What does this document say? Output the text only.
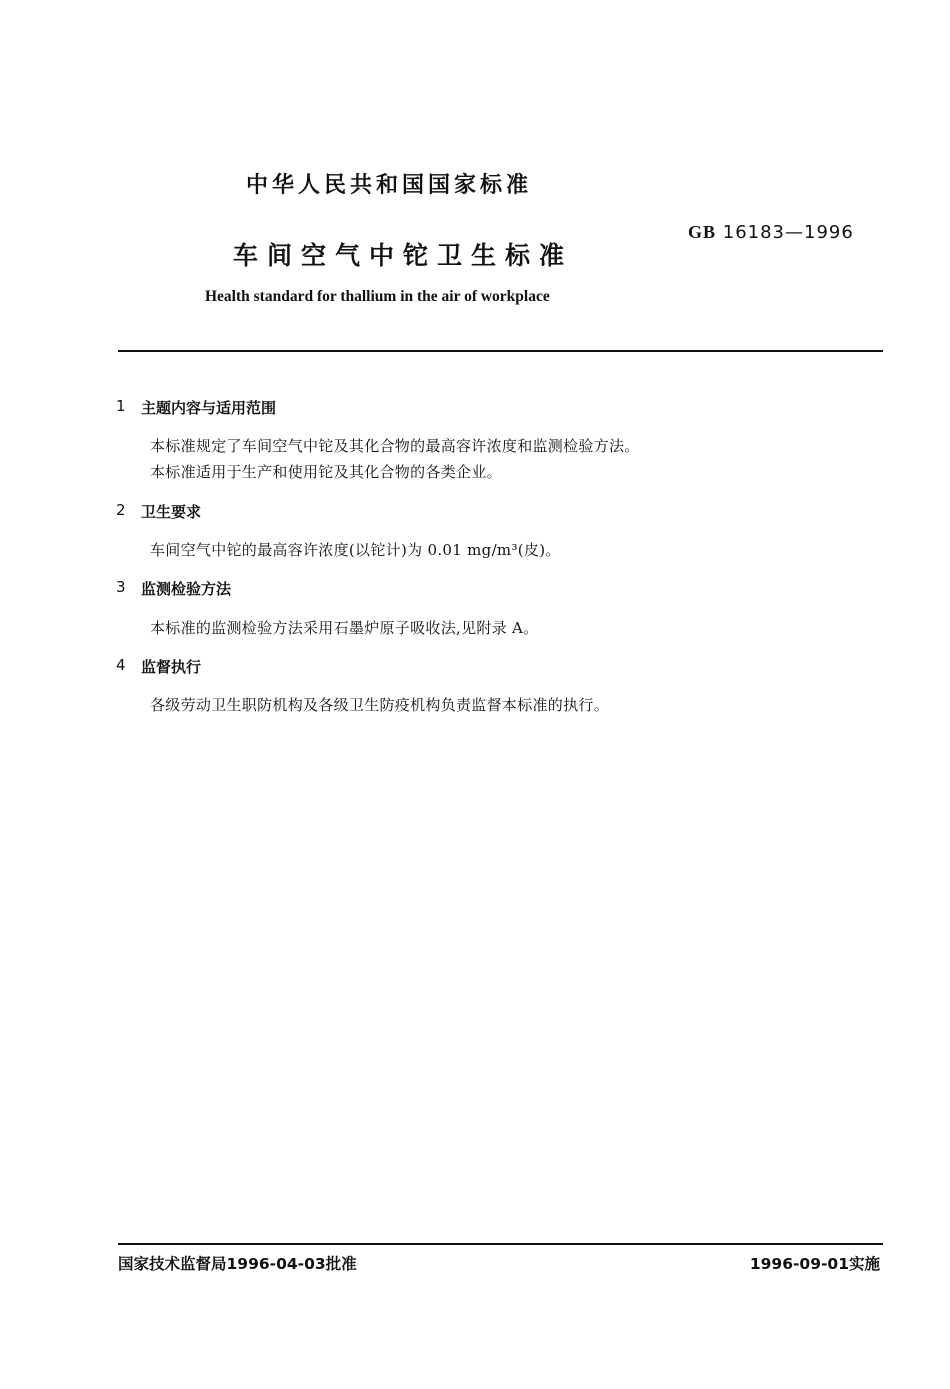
中华人民共和国国家标准
GB 16183—1996
车间空气中铊卫生标准
Health standard for thallium in the air of workplace
1 主题内容与适用范围
本标准规定了车间空气中铊及其化合物的最高容许浓度和监测检验方法。
本标准适用于生产和使用铊及其化合物的各类企业。
2 卫生要求
车间空气中铊的最高容许浓度(以铊计)为 0.01 mg/m³(皮)。
3 监测检验方法
本标准的监测检验方法采用石墨炉原子吸收法,见附录 A。
4 监督执行
各级劳动卫生职防机构及各级卫生防疫机构负责监督本标准的执行。
国家技术监督局1996-04-03批准	1996-09-01实施
